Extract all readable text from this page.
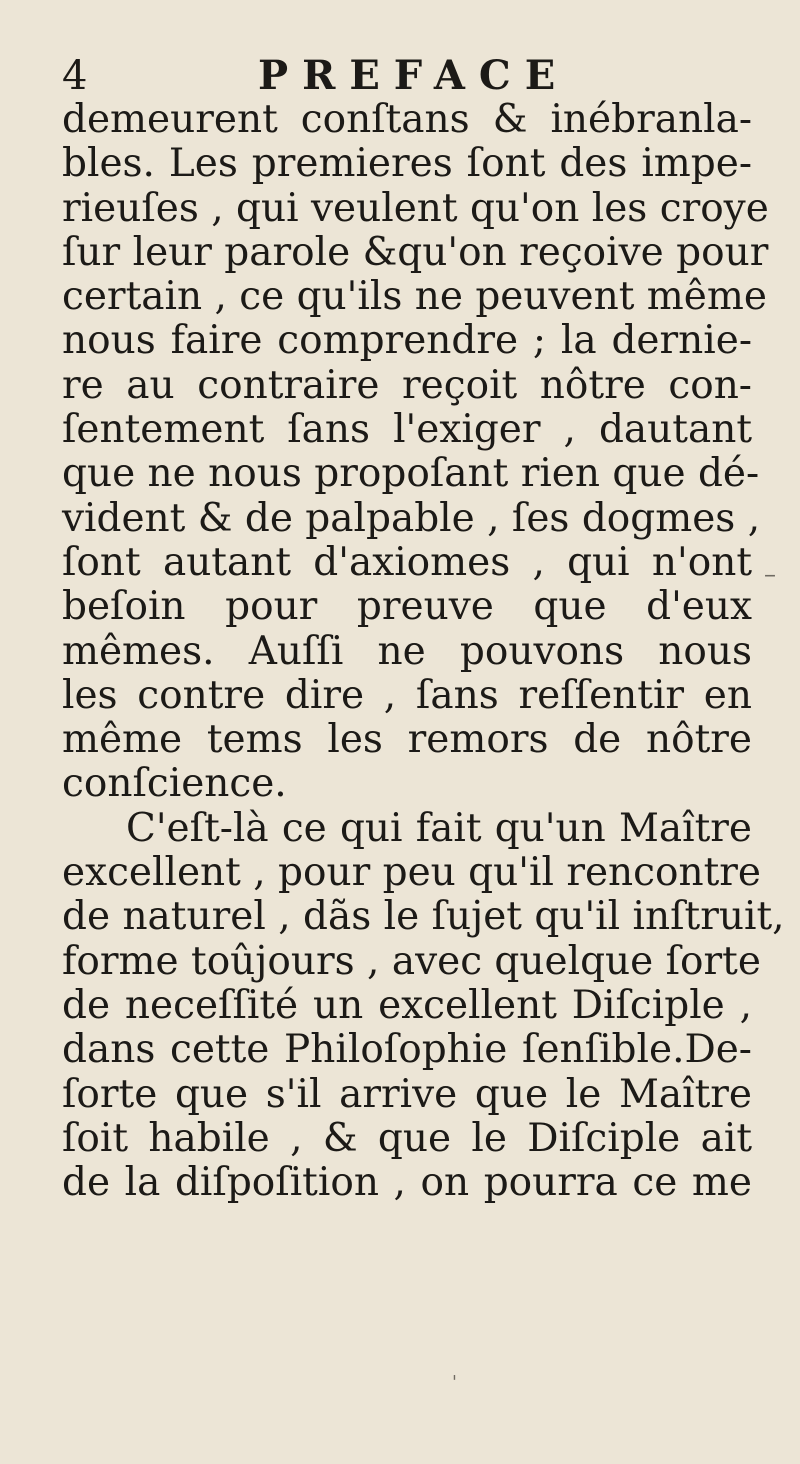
4	PREFACE
demeurent conſtans & inébranla-
bles. Les premieres ſont des impe-
rieuſes , qui veulent qu'on les croye
ſur leur parole &qu'on reçoive pour
certain , ce qu'ils ne peuvent même
nous faire comprendre ; la dernie-
re au contraire reçoit nôtre con-
ſentement ſans l'exiger , dautant
que ne nous propoſant rien que dé-
vident & de palpable , ſes dogmes ,
ſont autant d'axiomes , qui n'ont
beſoin pour preuve que d'eux
mêmes. Auſſi ne pouvons nous
les contre dire , ſans reſſentir en
même tems les remors de nôtre
conſcience.
C'eſt-là ce qui fait qu'un Maître
excellent , pour peu qu'il rencontre
de naturel , dãs le ſujet qu'il inſtruit,
forme toûjours , avec quelque ſorte
de neceſſité un excellent Diſciple ,
dans cette Philoſophie ſenſible.De-
ſorte que s'il arrive que le Maître
ſoit habile , & que le Diſciple ait
de la diſpoſition , on pourra ce me
–
'
